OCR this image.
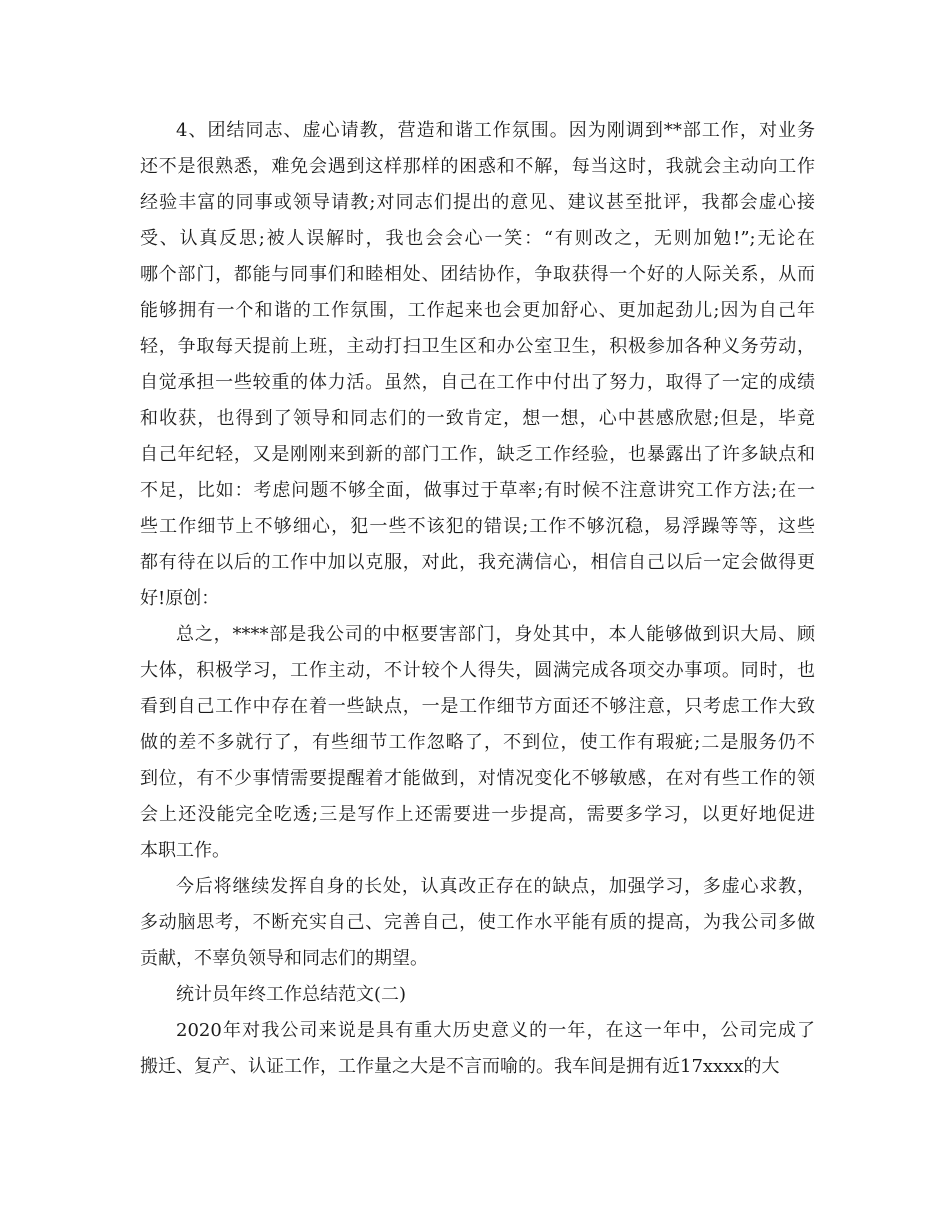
4、团结同志、虚心请教，营造和谐工作氛围。因为刚调到**部工作，对业务
还不是很熟悉，难免会遇到这样那样的困惑和不解，每当这时，我就会主动向工作
经验丰富的同事或领导请教;对同志们提出的意见、建议甚至批评，我都会虚心接
受、认真反思;被人误解时，我也会会心一笑：“有则改之，无则加勉!”;无论在
哪个部门，都能与同事们和睦相处、团结协作，争取获得一个好的人际关系，从而
能够拥有一个和谐的工作氛围，工作起来也会更加舒心、更加起劲儿;因为自己年
轻，争取每天提前上班，主动打扫卫生区和办公室卫生，积极参加各种义务劳动，
自觉承担一些较重的体力活。虽然，自己在工作中付出了努力，取得了一定的成绩
和收获，也得到了领导和同志们的一致肯定，想一想，心中甚感欣慰;但是，毕竟
自己年纪轻，又是刚刚来到新的部门工作，缺乏工作经验，也暴露出了许多缺点和
不足，比如：考虑问题不够全面，做事过于草率;有时候不注意讲究工作方法;在一
些工作细节上不够细心，犯一些不该犯的错误;工作不够沉稳，易浮躁等等，这些
都有待在以后的工作中加以克服，对此，我充满信心，相信自己以后一定会做得更
好!原创：
总之，****部是我公司的中枢要害部门，身处其中，本人能够做到识大局、顾
大体，积极学习，工作主动，不计较个人得失，圆满完成各项交办事项。同时，也
看到自己工作中存在着一些缺点，一是工作细节方面还不够注意，只考虑工作大致
做的差不多就行了，有些细节工作忽略了，不到位，使工作有瑕疵;二是服务仍不
到位，有不少事情需要提醒着才能做到，对情况变化不够敏感，在对有些工作的领
会上还没能完全吃透;三是写作上还需要进一步提高，需要多学习，以更好地促进
本职工作。
今后将继续发挥自身的长处，认真改正存在的缺点，加强学习，多虚心求教，
多动脑思考，不断充实自己、完善自己，使工作水平能有质的提高，为我公司多做
贡献，不辜负领导和同志们的期望。
统计员年终工作总结范文(二)
2020年对我公司来说是具有重大历史意义的一年，在这一年中，公司完成了
搬迁、复产、认证工作，工作量之大是不言而喻的。我车间是拥有近17xxxx的大
